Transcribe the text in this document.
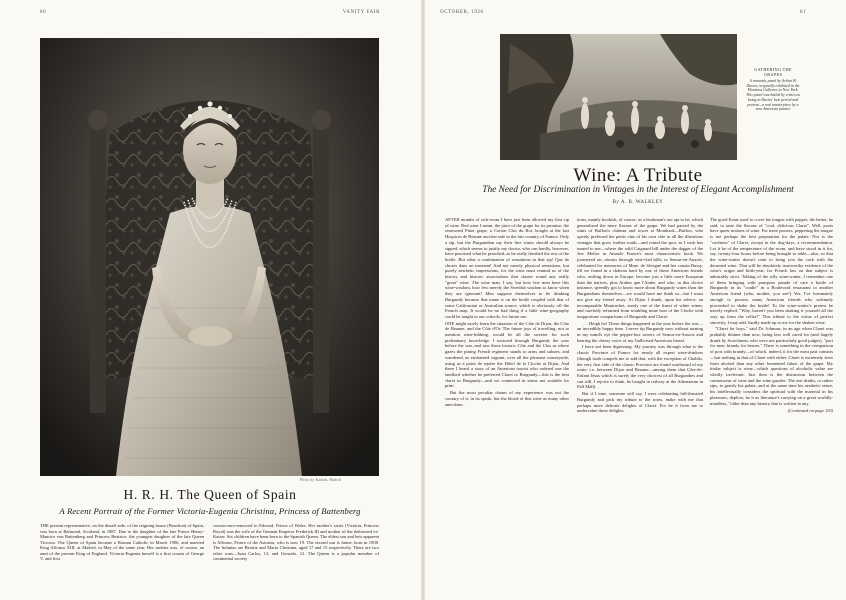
80	VANITY FAIR
Photo by Kaulak, Madrid
H. R. H. The Queen of Spain
A Recent Portrait of the Former Victoria-Eugenia Christina, Princess of Battenberg
THE present representative, on the distaff side, of the reigning house (Bourbon) of Spain, was born at Balmoral, Scotland, in 1887. Due to the daughter of the late Prince Henry-Maurice von Battenberg and Princess Beatrice, the youngest daughter of the late Queen Victoria. The Queen of Spain became a Roman Catholic in March 1906, and married King Alfonso XIII, at Madrid, in May of the same year. Her mother was, of course, an aunt of the present King of England. Victoria-Eugenia herself is a first cousin of George V. and first
cousin-once-removed to Edward, Prince of Wales. Her mother's sister (Victoria, Princess Royal) was the wife of the German Emperor Frederick III and mother of the dethroned ex-Kaiser. Six children have been born to the Spanish Queen. The eldest son and heir apparent is Alfonso, Prince of the Asturias, who is now 19. The second son is Jaime, born in 1908. The Infantas are Beatriz and Maria Christina, aged 17 and 15 respectively. There are two other sons—Juan Carlos, 13, and Gonzalo, 12. The Queen is a popular member of continental society
OCTOBER, 1926	81
GATHERING THE GRAPES
A romantic panel by Arthur B. Davies, originally exhibited in the Montross Galleries in New York. This panel was hailed by critics as being in Davies' best period and present—a real masterpiece by a now American painter
Wine: A Tribute
The Need for Discrimination in Vintages in the Interest of Elegant Accomplishment
By A. B. WALKLEY

AFTER months of sick-room I have just been allowed my first sip of wine. Red wine I mean, the juice of the grape for its promise, the renowned Pinot grape, a Corton Clos du Roi, bought at the last Hospices de Beaune auction-sale in the fair country of France. Only a sip, but the Burgundian say their fine wines should always be sipped, which seems to justify my doctor, who can hardly, however, have practised what he preached, as he really finished the rest of the bottle. But what a combination of sensations in that sip! Que de choses dans un moment! And not merely physical sensations, but purely aesthetic impressions, for the wine must remind us of the history and historic associations that cluster round any really "great" wine. The wine man, I say, but how few men have this wine-wisdom, how few merely the Swedish wisdom to know when they are ignorant! Men suppose themselves to be drinking Burgundy because that name is on the bottle coupled with that of some Californian or Australian source, which is obviously off the French map. It would be no bad thing if a little wine-geography could be taught in our schools, for future use.

ONE might surely learn the situation of the Côte de Dijon, the Côte de Beaune, and the Côte d'Or. The future joys of travelling, not to mention wine-bibbing, would be all the sweeter for such preliminary knowledge. I motored through Burgundy the year before the war, and saw those historic Côte and the Clos as where gazes the pining French regiment stands to arms and salutes, and wandered, as enchanted vagrant, over all the pleasant countryside, using as a point de repère the Hôtel de la Cloche at Dijon. And there I heard a story of an American tourist who ordered one the landlord whether he preferred Claret or Burgundy—this is the best claret in Burgundy—and we connected in terms not suitable for print.

But the most peculiar charm of my experience was not the country of it, in its speak, but the blood of this wine as many other anecdotes

tions, mainly bookish, of course, as a bookman's are apt to be, which generalized the more flavour of the grape. We had passed by the ruins of Buffon's château and tower at Montbard—Buffon, who openly preferred the petits vins of his own côte to all the illustrious vintages that grow further south—and round the spot, as I wish has turned to me—where the wild Caignard hill under the dagger of the Jew Melior in Anatole France's most characteristic book. We journeyed on, always through vine-clad hills, to Semur-en-Auxois, celebrated for memories of Mme. de Sévigné and her cousin Bussy, till we found in a château hard by one of those American friends who, settling down in Europe, become just a little more European than the natives, plus Arabes que l'Arabe, and who, in this choice instance, speedily got to know more about Burgundy wines than the Burgundians themselves—we would have me think so—but I must not give my friend away. At Dijon I drank, upon his advice, an incomparable Montrachet, surely one of the finest of white wines, and carefully refrained from troubling mine host of the Cloche with inopportune comparisons of Burgundy and Claret.

. . . Heigh ho! These things happened in the year before the war—an incredibly happy time. I never tip Burgundy now without turning in my mind's eye the pepper-box towers of Semur-en-Auxois and hearing the cheery voice of my Gallicised American friend.

I have not been digressing. My journey was through what is the classic Province of France for nearly all expert wine-drinkers (though truth compels me to add that, with the exception of Chablis, the very first side of the classic Province are found southward of my route, i.e. between Dijon and Beaune—among them that Côte-de-Enfant Jésus which is surely the very choicest of all Burgundies and can still, I rejoice to think, be bought in railway at the Athenaeum in Pall Mall).

But if I time, someone will say, I were celebrating full-throated Burgundy and pick my tribute to the roses, make with me that perhaps more delicate delights of Claret. For be it from me to undervalue those delights.

The good Keats used to cover his tongue with pepper, the better, he said, to taste the flavour of "cool, delicious Claret". Well, poets have queer notions of wine. For mere prosers, peppering the tongue is not perhaps the best preparation for the palate. Nor is the "coolness" of Claret, except in the dog-days, a recommendation. Let it be of the temperature of the room, and have stood in it for, say, twenty-four hours before being brought to table—also, so that the wine-waiter doesn't omit to bring you the cork with the decanted wine. That will be absolutely trustworthy evidence of the wine's origin and birth-year, for French law on that subject is admirably strict. Talking of the silly wine-waiter, I remember one of them bringing with pompous parade of care a bottle of Burgundy in its "cradle" in a Boulevard restaurant to another American friend (who, mother, you see!) Yes, I've fortunately enough to possess many American friends who solemnly proceeded to shake the bottle! To the wine-waiter's protest he merely replied, "Why, haven't you been shaking it yourself all the way up from the cellar?" This tribute to the virtue of perfect sincerity, I may add, hardly made up to me for the shaken wine.

"Claret for boys," said Dr. Johnson, in an age when Claret was probably thinner than now, being less well cared for (and largely drunk by Scotchmen, who were not particularly good judges), "port for men, brandy for heroes." There is something in the comparison of port with brandy—of which, indeed, it for the most part consists—but nothing in that of Claret with either. Claret is extremely freer from alcohol than any other fermented fabric of the grape. My titular subject is wine—which questions of alcoholic value are wholly irrelevant. Just then is the distinction between the connoisseur of wine and the wine guzzler. The one drinks, or rather sips, to gratify his palate, and at the same time his aesthetic sense, his intellectually considers the spiritual with the material in his pleasures, deplore, be it as literature's carrying on a great worldly-mindless, "older than any history that is written in any

(Continued on page 110)
